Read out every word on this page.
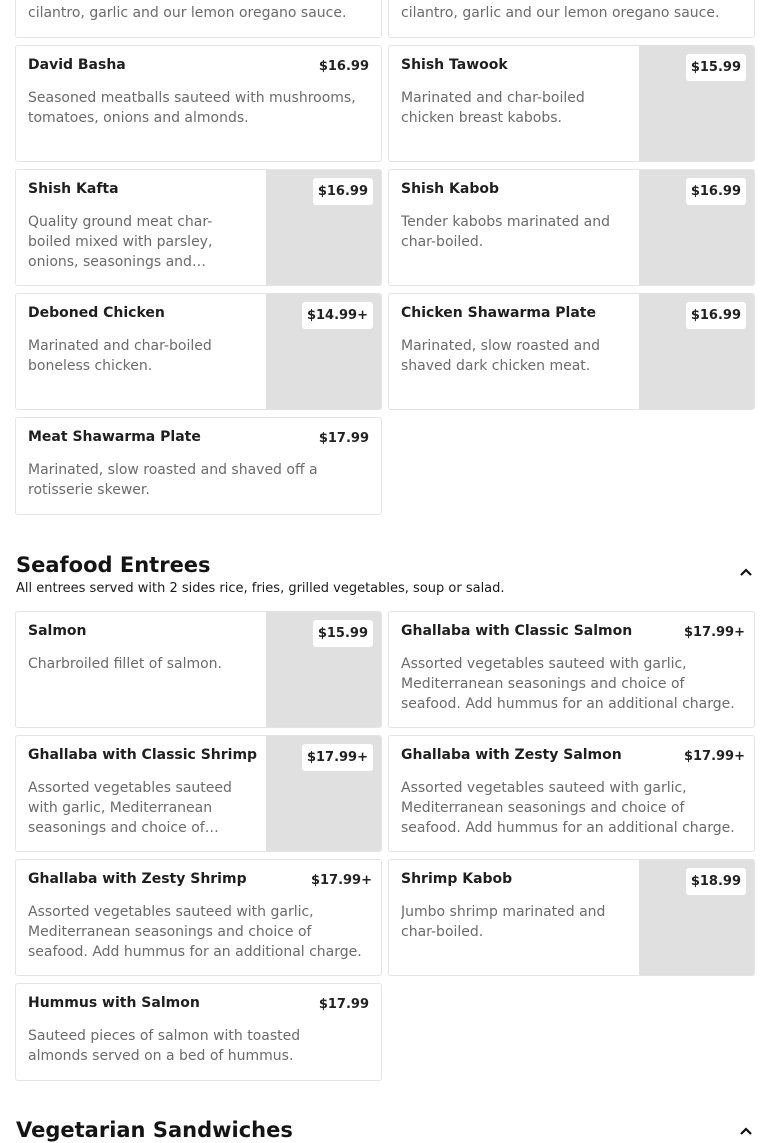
cilantro, garlic and our lemon oregano sauce.	cilantro, garlic and our lemon oregano sauce.
David Basha	$16.99
Seasoned meatballs sauteed with mushrooms, tomatoes, onions and almonds.
Shish Tawook
Marinated and char-boiled chicken breast kabobs.
$15.99
Shish Kafta
Quality ground meat char-boiled mixed with parsley, onions, seasonings and
$16.99	Shish Kabob
Tender kabobs marinated and char-boiled.
$16.99
Deboned Chicken
Marinated and char-boiled boneless chicken.
$14.99+	Chicken Shawarma Plate
Marinated, slow roasted and shaved dark chicken meat.
$16.99
Meat Shawarma Plate	$17.99
Marinated, slow roasted and shaved off a rotisserie skewer.
Seafood Entrees
All entrees served with 2 sides rice, fries, grilled vegetables, soup or salad.
Salmon
Charbroiled fillet of salmon.
$15.99	Ghallaba with Classic Salmon	$17.99+
Assorted vegetables sauteed with garlic, Mediterranean seasonings and choice of seafood. Add hummus for an additional charge.
Ghallaba with Classic Shrimp
Assorted vegetables sauteed with garlic, Mediterranean seasonings and choice of
$17.99+	Ghallaba with Zesty Salmon	$17.99+
Assorted vegetables sauteed with garlic, Mediterranean seasonings and choice of seafood. Add hummus for an additional charge.
Ghallaba with Zesty Shrimp	$17.99+
Assorted vegetables sauteed with garlic, Mediterranean seasonings and choice of seafood. Add hummus for an additional charge.
Shrimp Kabob
Jumbo shrimp marinated and char-boiled.
$18.99
Hummus with Salmon	$17.99
Sauteed pieces of salmon with toasted almonds served on a bed of hummus.
Vegetarian Sandwiches
